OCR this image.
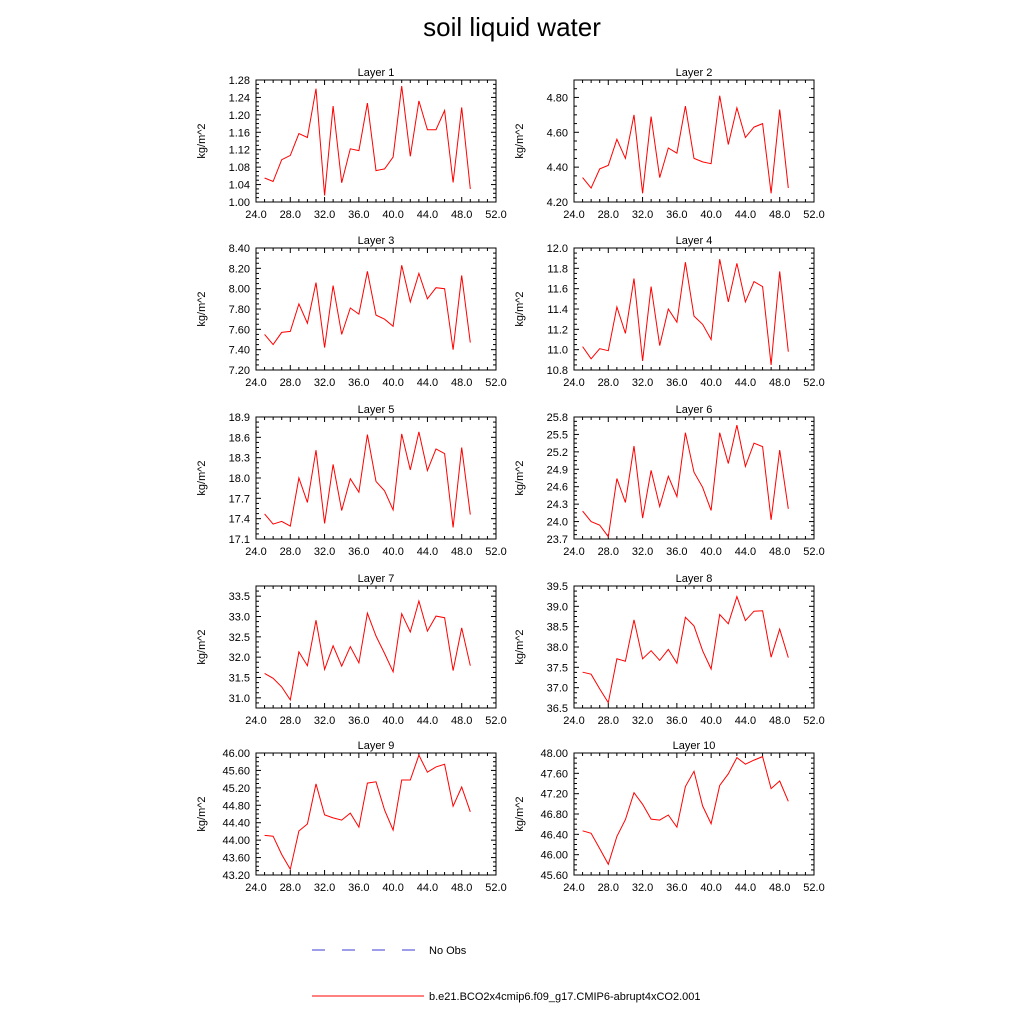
soil liquid water
Layer 1
kg/m^2
24.0 28.0 32.0 36.0 40.0 44.0 48.0 52.0
1.00
1.04
1.08
1.12
1.16
1.20
1.24
1.28
Layer 2
kg/m^2
24.0 28.0 32.0 36.0 40.0 44.0 48.0 52.0
4.20
4.40
4.60
4.80
Layer 3
kg/m^2
24.0 28.0 32.0 36.0 40.0 44.0 48.0 52.0
7.20
7.40
7.60
7.80
8.00
8.20
8.40
Layer 4
kg/m^2
24.0 28.0 32.0 36.0 40.0 44.0 48.0 52.0
10.8
11.0
11.2
11.4
11.6
11.8
12.0
Layer 5
kg/m^2
24.0 28.0 32.0 36.0 40.0 44.0 48.0 52.0
17.1
17.4
17.7
18.0
18.3
18.6
18.9
Layer 6
kg/m^2
24.0 28.0 32.0 36.0 40.0 44.0 48.0 52.0
23.7
24.0
24.3
24.6
24.9
25.2
25.5
25.8
Layer 7
kg/m^2
24.0 28.0 32.0 36.0 40.0 44.0 48.0 52.0
31.0
31.5
32.0
32.5
33.0
33.5
Layer 8
kg/m^2
24.0 28.0 32.0 36.0 40.0 44.0 48.0 52.0
36.5
37.0
37.5
38.0
38.5
39.0
39.5
Layer 9
kg/m^2
24.0 28.0 32.0 36.0 40.0 44.0 48.0 52.0
43.20
43.60
44.00
44.40
44.80
45.20
45.60
46.00
Layer 10
kg/m^2
24.0 28.0 32.0 36.0 40.0 44.0 48.0 52.0
45.60
46.00
46.40
46.80
47.20
47.60
48.00
No Obs
b.e21.BCO2x4cmip6.f09_g17.CMIP6-abrupt4xCO2.001
